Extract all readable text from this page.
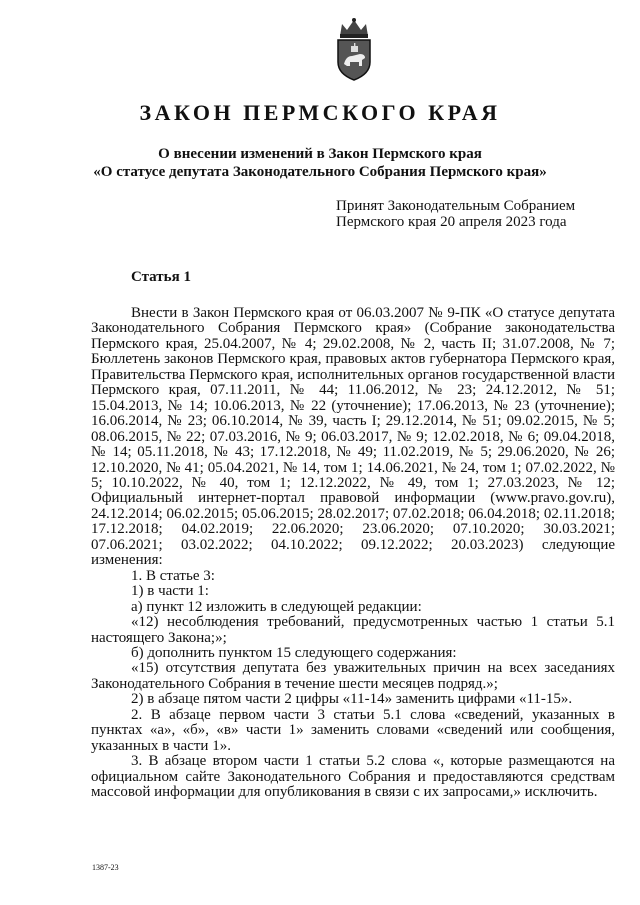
ЗАКОН ПЕРМСКОГО КРАЯ
О внесении изменений в Закон Пермского края
«О статусе депутата Законодательного Собрания Пермского края»
Принят Законодательным Собранием
Пермского края 20 апреля 2023 года
Статья 1

Внести в Закон Пермского края от 06.03.2007 № 9-ПК «О статусе депутата Законодательного Собрания Пермского края» (Собрание законодательства Пермского края, 25.04.2007, № 4; 29.02.2008, № 2, часть II; 31.07.2008, № 7; Бюллетень законов Пермского края, правовых актов губернатора Пермского края, Правительства Пермского края, исполнительных органов государственной власти Пермского края, 07.11.2011, № 44; 11.06.2012, № 23; 24.12.2012, № 51; 15.04.2013, № 14; 10.06.2013, № 22 (уточнение); 17.06.2013, № 23 (уточнение); 16.06.2014, № 23; 06.10.2014, № 39, часть I; 29.12.2014, № 51; 09.02.2015, № 5; 08.06.2015, № 22; 07.03.2016, № 9; 06.03.2017, № 9; 12.02.2018, № 6; 09.04.2018, № 14; 05.11.2018, № 43; 17.12.2018, № 49; 11.02.2019, № 5; 29.06.2020, № 26; 12.10.2020, № 41; 05.04.2021, № 14, том 1; 14.06.2021, № 24, том 1; 07.02.2022, № 5; 10.10.2022, № 40, том 1; 12.12.2022, № 49, том 1; 27.03.2023, № 12; Официальный интернет-портал правовой информации (www.pravo.gov.ru), 24.12.2014; 06.02.2015; 05.06.2015; 28.02.2017; 07.02.2018; 06.04.2018; 02.11.2018; 17.12.2018; 04.02.2019; 22.06.2020; 23.06.2020; 07.10.2020; 30.03.2021; 07.06.2021; 03.02.2022; 04.10.2022; 09.12.2022; 20.03.2023) следующие изменения:

1. В статье 3:

1) в части 1:

а) пункт 12 изложить в следующей редакции:

«12) несоблюдения требований, предусмотренных частью 1 статьи 5.1 настоящего Закона;»;

б) дополнить пунктом 15 следующего содержания:

«15) отсутствия депутата без уважительных причин на всех заседаниях Законодательного Собрания в течение шести месяцев подряд.»;

2) в абзаце пятом части 2 цифры «11-14» заменить цифрами «11-15».

2. В абзаце первом части 3 статьи 5.1 слова «сведений, указанных в пунктах «а», «б», «в» части 1» заменить словами «сведений или сообщения, указанных в части 1».

3. В абзаце втором части 1 статьи 5.2 слова «, которые размещаются на официальном сайте Законодательного Собрания и предоставляются средствам массовой информации для опубликования в связи с их запросами,» исключить.

1387-23
